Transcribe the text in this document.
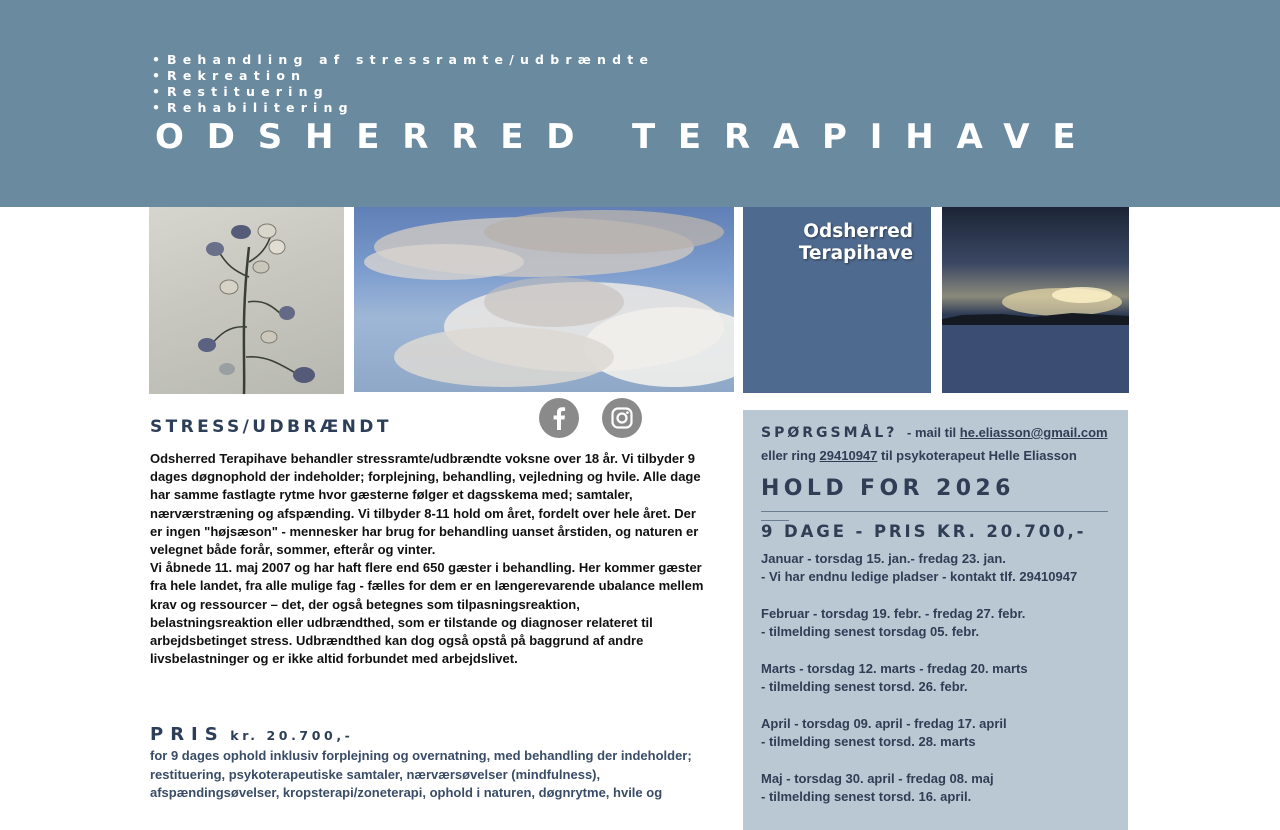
• Behandling af stressramte/udbrændte
• Rekreation
• Restituering
• Rehabilitering
ODSHERRED TERAPIHAVE
Odsherred
Terapihave
STRESS/UDBRÆNDT

Odsherred Terapihave behandler stressramte/udbrændte voksne over 18 år. Vi tilbyder 9 dages døgnophold der indeholder; forplejning, behandling, vejledning og hvile. Alle dage har samme fastlagte rytme hvor gæsterne følger et dagsskema med; samtaler, nærværstræning og afspænding. Vi tilbyder 8-11 hold om året, fordelt over hele året. Der er ingen "højsæson" - mennesker har brug for behandling uanset årstiden, og naturen er velegnet både forår, sommer, efterår og vinter.

Vi åbnede 11. maj 2007 og har haft flere end 650 gæster i behandling. Her kommer gæster fra hele landet, fra alle mulige fag - fælles for dem er en længerevarende ubalance mellem krav og ressourcer – det, der også betegnes som tilpasningsreaktion, belastningsreaktion eller udbrændthed, som er tilstande og diagnoser relateret til arbejdsbetinget stress. Udbrændthed kan dog også opstå på baggrund af andre livsbelastninger og er ikke altid forbundet med arbejdslivet.

PRIS kr. 20.700,-

for 9 dages ophold inklusiv forplejning og overnatning, med behandling der indeholder; restituering, psykoterapeutiske samtaler, nærværsøvelser (mindfulness), afspændingsøvelser, kropsterapi/zoneterapi, ophold i naturen, døgnrytme, hvile og

SPØRGSMÅL? - mail til he.eliasson@gmail.com
eller ring 29410947 til psykoterapeut Helle Eliasson
HOLD FOR 2026
9 DAGE - PRIS KR. 20.700,-
Januar - torsdag 15. jan.- fredag 23. jan.
- Vi har endnu ledige pladser - kontakt tlf. 29410947
Februar - torsdag 19. febr. - fredag 27. febr.
- tilmelding senest torsdag 05. febr.
Marts - torsdag 12. marts - fredag 20. marts
- tilmelding senest torsd. 26. febr.
April - torsdag 09. april - fredag 17. april
- tilmelding senest torsd. 28. marts
Maj - torsdag 30. april - fredag 08. maj
- tilmelding senest torsd. 16. april.
